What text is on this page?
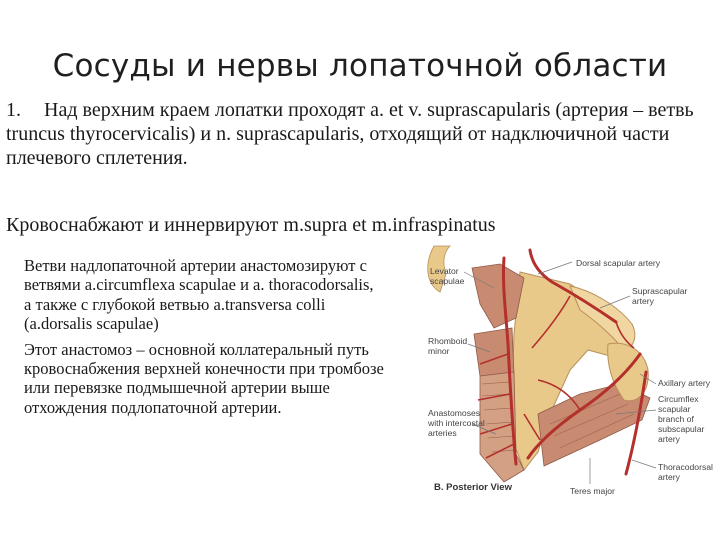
Сосуды и нервы лопаточной области
1. Над верхним краем лопатки проходят a. et v. suprascapularis (артерия – ветвь truncus thyrocervicalis) и n. suprascapularis, отходящий от надключичной части плечевого сплетения.
Кровоснабжают и иннервируют m.supra et m.infraspinatus

Ветви надлопаточной артерии анастомозируют с ветвями a.circumflexa scapulae и a. thoracodorsalis, а также с глубокой ветвью a.transversa colli (a.dorsalis scapulae)

Этот анастомоз – основной коллатеральный путь кровоснабжения верхней конечности при тромбозе или перевязке подмышечной артерии выше отхождения подлопаточной артерии.

Dorsal scapular artery
Levator scapulae
Suprascapular artery
Rhomboid minor
Axillary artery
Circumflex scapular branch of subscapular artery
Anastomoses with intercostal arteries
Thoracodorsal artery
Teres major
B. Posterior View
